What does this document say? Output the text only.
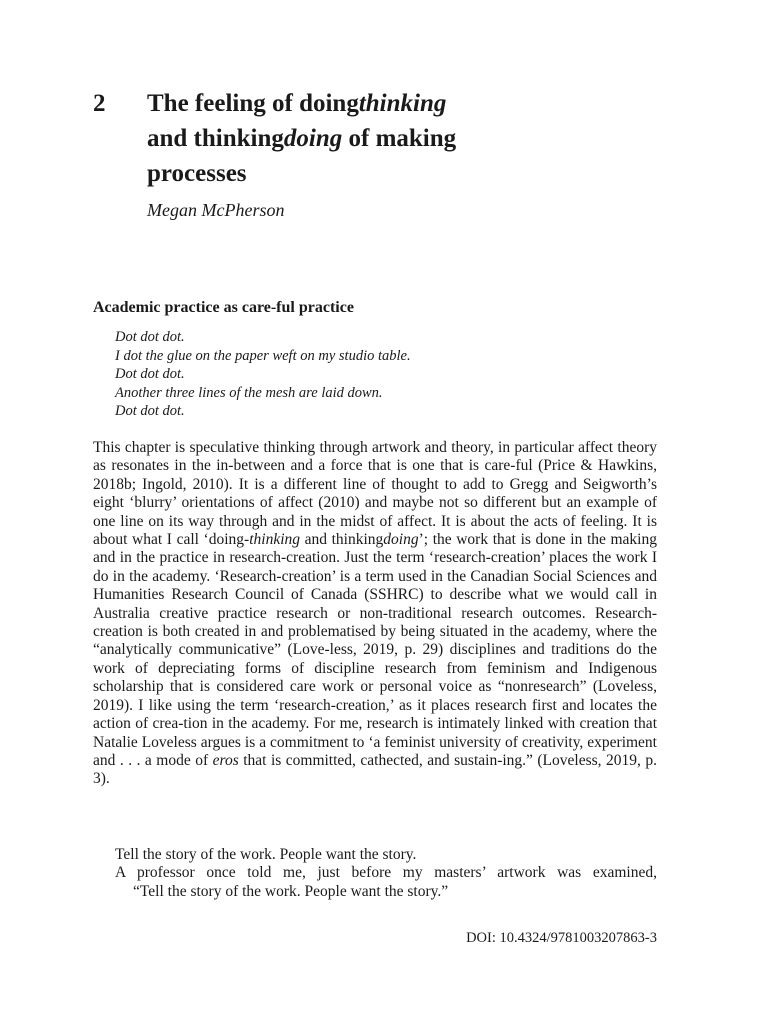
2 The feeling of doingthinking
and thinkingdoing of making
processes
Megan McPherson
Academic practice as care-ful practice
Dot dot dot.
I dot the glue on the paper weft on my studio table.
Dot dot dot.
Another three lines of the mesh are laid down.
Dot dot dot.
This chapter is speculative thinking through artwork and theory, in particular affect theory as resonates in the in-between and a force that is one that is care-ful (Price & Hawkins, 2018b; Ingold, 2010). It is a different line of thought to add to Gregg and Seigworth’s eight ‘blurry’ orientations of affect (2010) and maybe not so different but an example of one line on its way through and in the midst of affect. It is about the acts of feeling. It is about what I call ‘doing-thinking and thinkingdoing’; the work that is done in the making and in the practice in research-creation. Just the term ‘research-creation’ places the work I do in the academy. ‘Research-creation’ is a term used in the Canadian Social Sciences and Humanities Research Council of Canada (SSHRC) to describe what we would call in Australia creative practice research or non-traditional research outcomes. Research-creation is both created in and problematised by being situated in the academy, where the “analytically communicative” (Love-less, 2019, p. 29) disciplines and traditions do the work of depreciating forms of discipline research from feminism and Indigenous scholarship that is considered care work or personal voice as “nonresearch” (Loveless, 2019). I like using the term ‘research-creation,’ as it places research first and locates the action of crea-tion in the academy. For me, research is intimately linked with creation that Natalie Loveless argues is a commitment to ‘a feminist university of creativity, experiment and . . . a mode of eros that is committed, cathected, and sustain-ing.” (Loveless, 2019, p. 3).
Tell the story of the work. People want the story.
A professor once told me, just before my masters’ artwork was examined,
“Tell the story of the work. People want the story.”
DOI: 10.4324/9781003207863-3
